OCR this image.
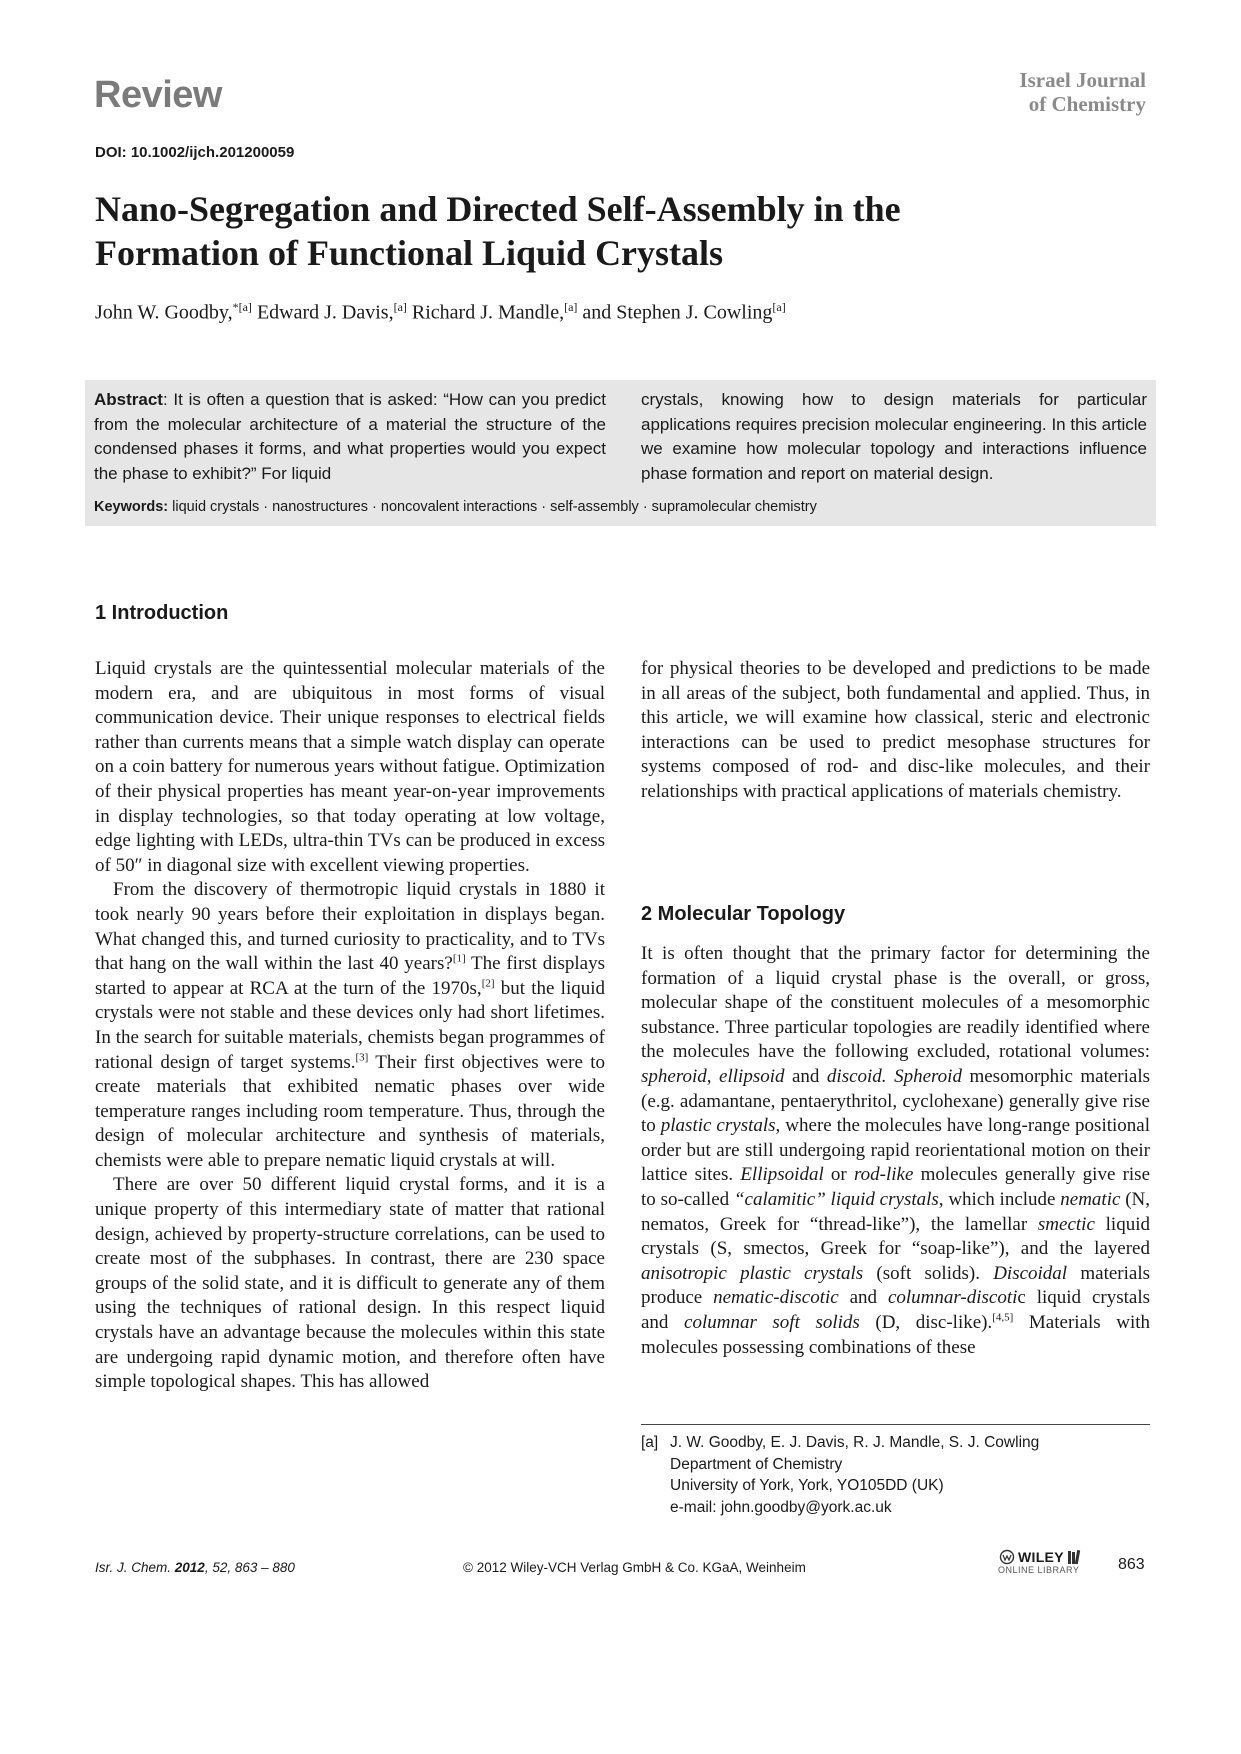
Review	Israel Journal
of Chemistry
DOI: 10.1002/ijch.201200059
Nano-Segregation and Directed Self-Assembly in the
Formation of Functional Liquid Crystals
John W. Goodby,$^{*[a]}$ Edward J. Davis,[a] Richard J. Mandle,[a] and Stephen J. Cowling[a]
Abstract: It is often a question that is asked: “How can you predict from the molecular architecture of a material the structure of the condensed phases it forms, and what properties would you expect the phase to exhibit?” For liquid
crystals, knowing how to design materials for particular applications requires precision molecular engineering. In this article we examine how molecular topology and interactions influence phase formation and report on material design.
Keywords: liquid crystals · nanostructures · noncovalent interactions · self-assembly · supramolecular chemistry
1 Introduction

Liquid crystals are the quintessential molecular materials of the modern era, and are ubiquitous in most forms of visual communication device. Their unique responses to electrical fields rather than currents means that a simple watch display can operate on a coin battery for numerous years without fatigue. Optimization of their physical properties has meant year-on-year improvements in display technologies, so that today operating at low voltage, edge lighting with LEDs, ultra-thin TVs can be produced in excess of 50″ in diagonal size with excellent viewing properties.

From the discovery of thermotropic liquid crystals in 1880 it took nearly 90 years before their exploitation in displays began. What changed this, and turned curiosity to practicality, and to TVs that hang on the wall within the last 40 years?[1] The first displays started to appear at RCA at the turn of the 1970s,[2] but the liquid crystals were not stable and these devices only had short lifetimes. In the search for suitable materials, chemists began programmes of rational design of target systems.[3] Their first objectives were to create materials that exhibited nematic phases over wide temperature ranges including room temperature. Thus, through the design of molecular architecture and synthesis of materials, chemists were able to prepare nematic liquid crystals at will.

There are over 50 different liquid crystal forms, and it is a unique property of this intermediary state of matter that rational design, achieved by property-structure correlations, can be used to create most of the subphases. In contrast, there are 230 space groups of the solid state, and it is difficult to generate any of them using the techniques of rational design. In this respect liquid crystals have an advantage because the molecules within this state are undergoing rapid dynamic motion, and therefore often have simple topological shapes. This has allowed

for physical theories to be developed and predictions to be made in all areas of the subject, both fundamental and applied. Thus, in this article, we will examine how classical, steric and electronic interactions can be used to predict mesophase structures for systems composed of rod- and disc-like molecules, and their relationships with practical applications of materials chemistry.

2 Molecular Topology

It is often thought that the primary factor for determining the formation of a liquid crystal phase is the overall, or gross, molecular shape of the constituent molecules of a mesomorphic substance. Three particular topologies are readily identified where the molecules have the following excluded, rotational volumes: spheroid, ellipsoid and discoid. Spheroid mesomorphic materials (e.g. adamantane, pentaerythritol, cyclohexane) generally give rise to plastic crystals, where the molecules have long-range positional order but are still undergoing rapid reorientational motion on their lattice sites. Ellipsoidal or rod-like molecules generally give rise to so-called “calamitic” liquid crystals, which include nematic (N, nematos, Greek for “thread-like”), the lamellar smectic liquid crystals (S, smectos, Greek for “soap-like”), and the layered anisotropic plastic crystals (soft solids). Discoidal materials produce nematic-discotic and columnar-discotic liquid crystals and columnar soft solids (D, disc-like).[4,5] Materials with molecules possessing combinations of these

[a] J. W. Goodby, E. J. Davis, R. J. Mandle, S. J. Cowling
Department of Chemistry
University of York, York, YO105DD (UK)
e-mail: john.goodby@york.ac.uk
Isr. J. Chem. 2012, 52, 863 – 880	© 2012 Wiley-VCH Verlag GmbH & Co. KGaA, Weinheim
WILEY
ONLINE LIBRARY	863
